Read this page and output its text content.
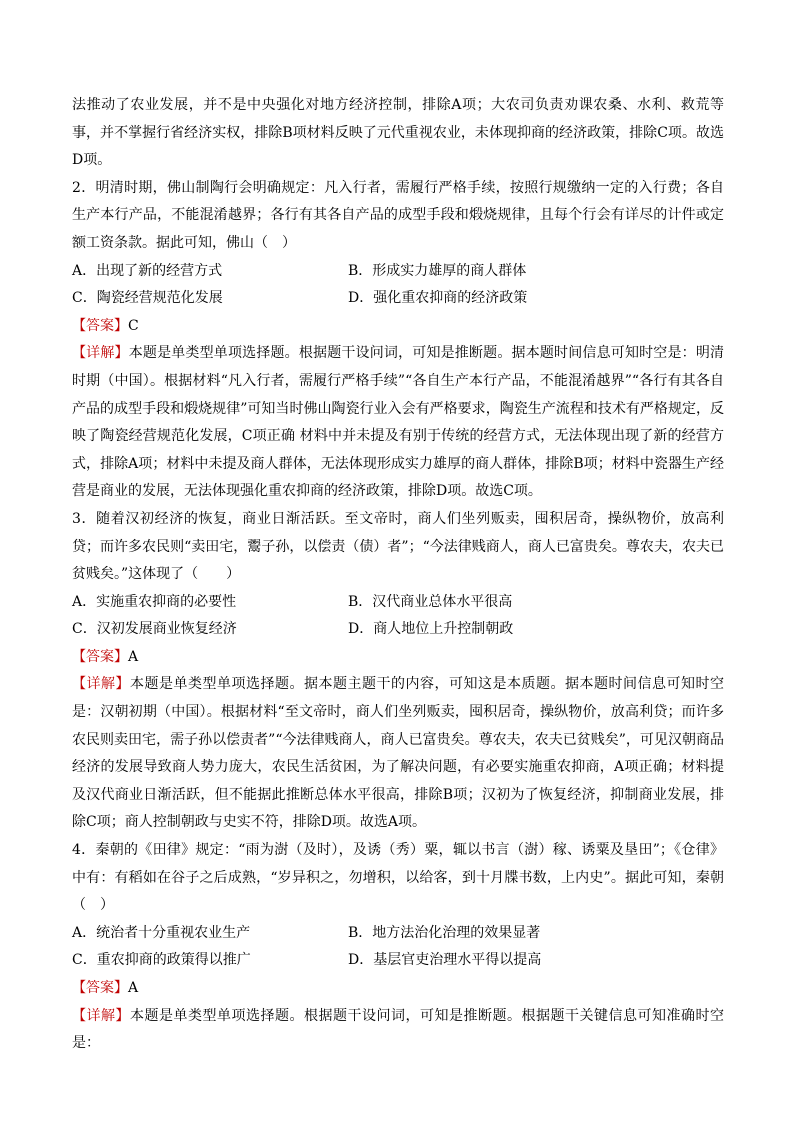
法推动了农业发展，并不是中央强化对地方经济控制，排除A项；大农司负责劝课农桑、水利、救荒等事，并不掌握行省经济实权，排除B项材料反映了元代重视农业，未体现抑商的经济政策，排除C项。故选D项。

2．明清时期，佛山制陶行会明确规定：凡入行者，需履行严格手续，按照行规缴纳一定的入行费；各自生产本行产品，不能混淆越界；各行有其各自产品的成型手段和煅烧规律，且每个行会有详尽的计件或定额工资条款。据此可知，佛山（　）

A．出现了新的经营方式	B．形成实力雄厚的商人群体
C．陶瓷经营规范化发展	D．强化重农抑商的经济政策

【答案】C

【详解】本题是单类型单项选择题。根据题干设问词，可知是推断题。据本题时间信息可知时空是：明清时期（中国）。根据材料“凡入行者，需履行严格手续”“各自生产本行产品，不能混淆越界”“各行有其各自产品的成型手段和煅烧规律”可知当时佛山陶瓷行业入会有严格要求，陶瓷生产流程和技术有严格规定，反映了陶瓷经营规范化发展，C项正确 材料中并未提及有别于传统的经营方式，无法体现出现了新的经营方式，排除A项；材料中未提及商人群体，无法体现形成实力雄厚的商人群体，排除B项；材料中瓷器生产经营是商业的发展，无法体现强化重农抑商的经济政策，排除D项。故选C项。

3．随着汉初经济的恢复，商业日渐活跃。至文帝时，商人们坐列贩卖，囤积居奇，操纵物价，放高利贷；而许多农民则“卖田宅，鬻子孙，以偿责（债）者”；“今法律贱商人，商人已富贵矣。尊农夫，农夫已贫贱矣。”这体现了（　　）

A．实施重农抑商的必要性	B．汉代商业总体水平很高
C．汉初发展商业恢复经济	D．商人地位上升控制朝政

【答案】A

【详解】本题是单类型单项选择题。据本题主题干的内容，可知这是本质题。据本题时间信息可知时空是：汉朝初期（中国）。根据材料“至文帝时，商人们坐列贩卖，囤积居奇，操纵物价，放高利贷；而许多农民则卖田宅，需子孙以偿责者”“今法律贱商人，商人已富贵矣。尊农夫，农夫已贫贱矣”，可见汉朝商品经济的发展导致商人势力庞大，农民生活贫困，为了解决问题，有必要实施重农抑商，A项正确；材料提及汉代商业日渐活跃，但不能据此推断总体水平很高，排除B项；汉初为了恢复经济，抑制商业发展，排除C项；商人控制朝政与史实不符，排除D项。故选A项。

4．秦朝的《田律》规定：“雨为澍（及时），及诱（秀）粟，辄以书言（澍）稼、诱粟及垦田”；《仓律》中有：有稻如在谷子之后成熟，“岁异积之，勿增积，以给客，到十月牒书数，上内史”。据此可知，秦朝（　）

A．统治者十分重视农业生产	B．地方法治化治理的效果显著
C．重农抑商的政策得以推广	D．基层官吏治理水平得以提高

【答案】A

【详解】本题是单类型单项选择题。根据题干设问词，可知是推断题。根据题干关键信息可知准确时空是：
